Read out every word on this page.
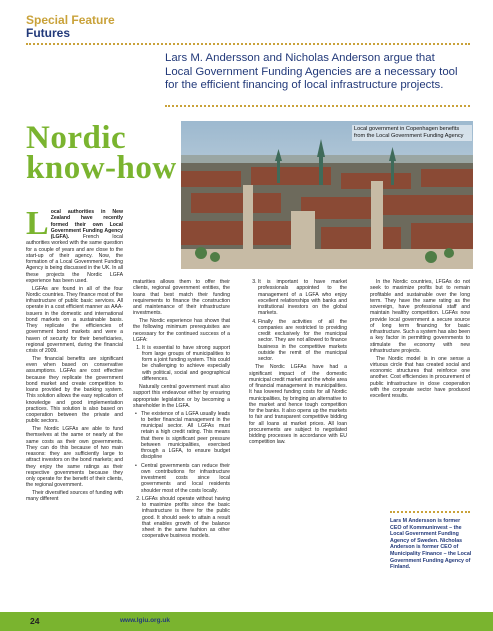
Special Feature
Futures
Lars M. Andersson and Nicholas Anderson argue that Local Government Funding Agencies are a necessary tool for the efficient financing of local infrastructure projects.
Nordic
know-how
Local government in Copenhagen benefits from the Local Government Funding Agency

Local authorities in New Zealand have recently formed their own Local Government Funding Agency (LGFA).	French local authorities worked with the same question for a couple of years and are close to the start-up of their agency. Now, the formation of a Local Government Funding Agency is being discussed in the UK. In all these projects the Nordic LGFA experience has been used.

LGFAs are found in all of the four Nordic countries. They finance most of the infrastructure of public basic services. All operate in a cost efficient manner as AAA-issuers in the domestic and international bond markets on a sustainable basis. They replicate the efficiencies of government bond markets and were a haven of security for their beneficiaries, regional government, during the financial crisis of 2009.

The financial benefits are significant even when based on conservative assumptions. LGFAs are cost effective because they replicate the government bond market and create competition to loans provided by the banking system. This solution allows the easy replication of knowledge and good implementation practices. This solution is also based on cooperation between the private and public sectors.

The Nordic LGFAs are able to fund themselves at the same or nearly at the same costs as their own governments. They can do this because of two main reasons: they are sufficiently large to attract investors on the bond markets; and they enjoy the same ratings as their respective governments because they only operate for the benefit of their clients, the regional government.

Their diversified sources of funding with many different

maturities allows them to offer their clients, regional government entities, the loans that best match their funding requirements to finance the construction and maintenance of their infrastructure investments.

The Nordic experience has shown that the following minimum prerequisites are necessary for the continued success of a LGFA:

1. It is essential to have strong support from large groups of municipalities to form a joint funding system. This could be challenging to achieve especially with political, social and geographical differences.

Naturally central government must also support this endeavour either by ensuring appropriate legislation or by becoming a shareholder in the LGFA.

• The existence of a LGFA usually leads to better financial management in the municipal sector. All LGFAs must retain a high credit rating. This means that there is significant peer pressure between municipalities, exercised through a LGFA, to ensure budget discipline
• Central governments can reduce their own contributions for infrastructure investment costs since local governments and local residents shoulder most of the costs locally.
2. LGFAs should operate without having to maximize profits since the basic infrastructure is there for the public good. It should seek to attain a result that enables growth of the balance sheet in the same fashion as other cooperative business models.
3. It is important to have market professionals appointed to the management of a LGFA who enjoy excellent relationships with banks and institutional investors on the global markets.
4. Finally the activities of all the companies are restricted to providing credit exclusively for the municipal sector. They are not allowed to finance business in the competitive markets outside the remit of the municipal sector.

The Nordic LGFAs have had a significant impact of the domestic municipal credit market and the whole area of financial management in municipalities. It has lowered funding costs for all Nordic municipalities, by bringing an alternative to the market and hence tough competition for the banks. It also opens up the markets to fair and transparent competitive bidding for all loans at market prices. All loan procurements are subject to negotiated bidding processes in accordance with EU competition law.

In the Nordic countries, LFGAs do not seek to maximize profits but to remain profitable and sustainable over the long term. They have the same rating as the sovereign, have professional staff and maintain healthy competition. LGFAs now provide local government a secure source of long term financing for basic infrastructure. Such a system has also been a key factor in permitting governments to stimulate the economy with new infrastructure projects.

The Nordic model is in one sense a virtuous circle that has created social and economic structures that reinforce one another. Cost efficiencies in procurement of public infrastructure in close cooperation with the corporate sector have produced excellent results.

Lars M Andersson is former CEO of Kommuninvest – the Local Government Funding Agency of Sweden. Nicholas Anderson is former CEO of Municipality Finance – the Local Government Funding Agency of Finland.
24	www.lgiu.org.uk
